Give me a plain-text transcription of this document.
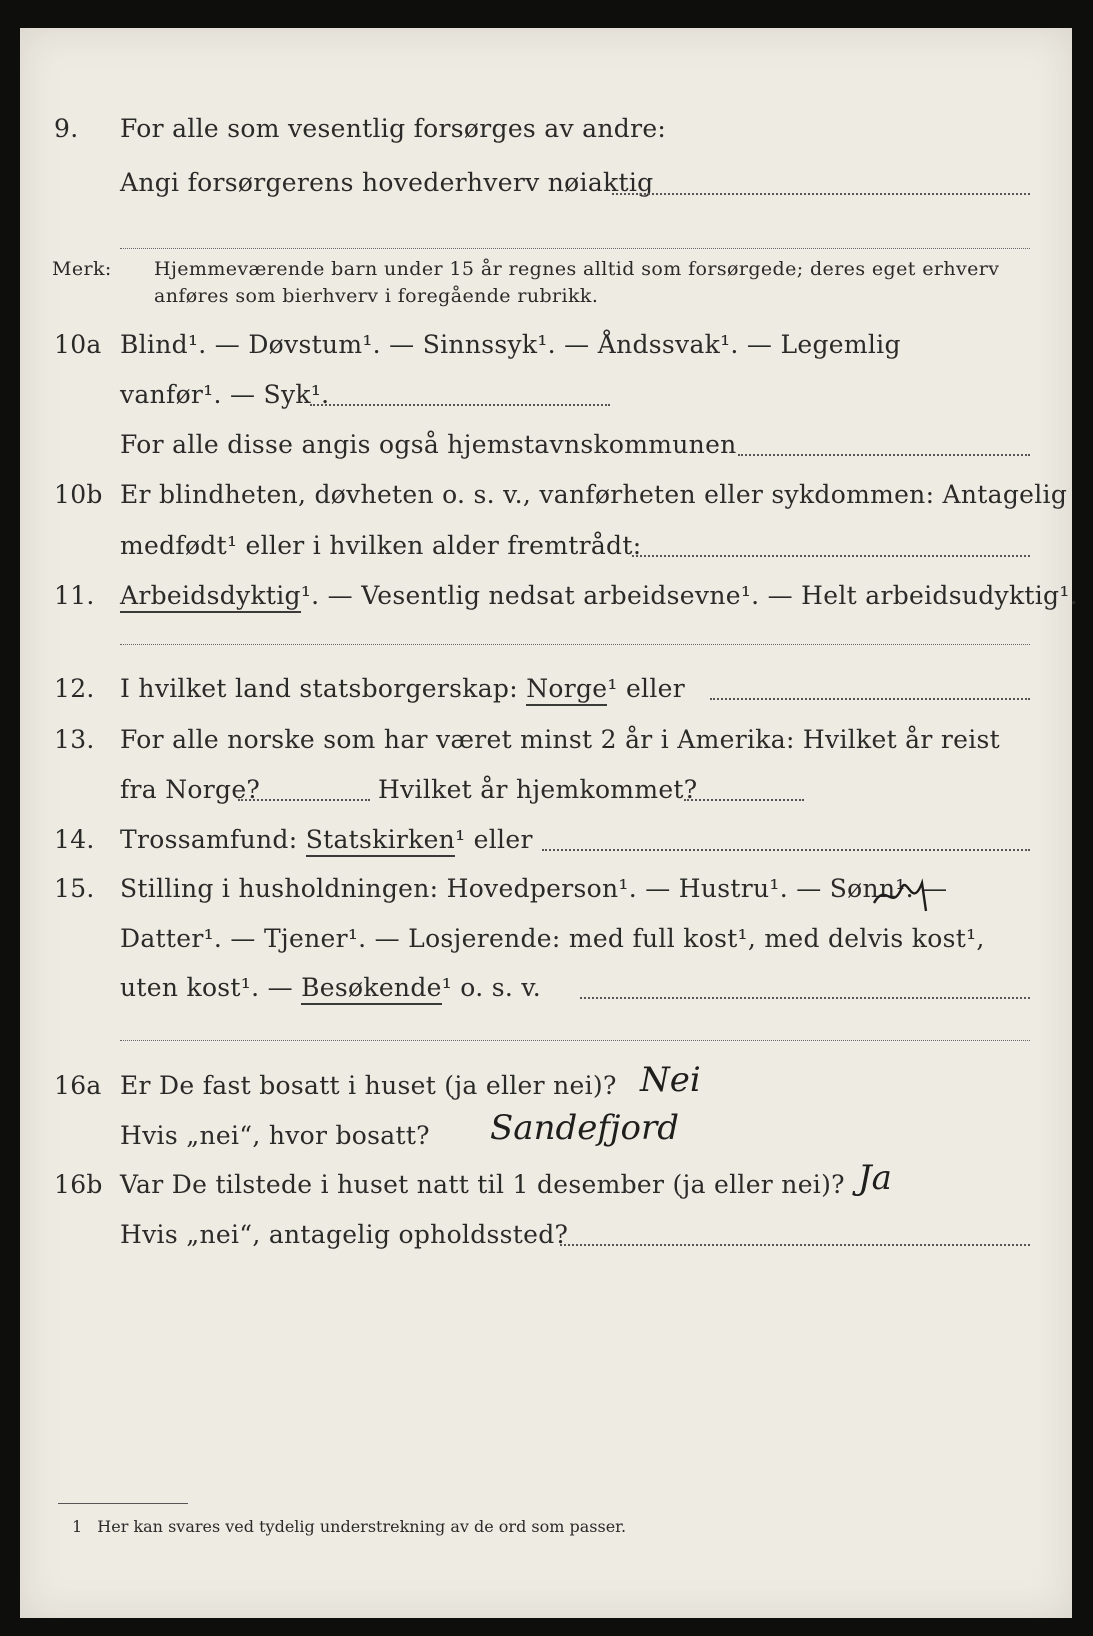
9. For alle som vesentlig forsørges av andre:
Angi forsørgerens hovederhverv nøiaktig
Merk: Hjemmeværende barn under 15 år regnes alltid som forsørgede; deres eget erhverv
anføres som bierhverv i foregående rubrikk.
10a Blind¹. — Døvstum¹. — Sinnssyk¹. — Åndssvak¹. — Legemlig
vanfør¹. — Syk¹.
For alle disse angis også hjemstavnskommunen
10b Er blindheten, døvheten o. s. v., vanførheten eller sykdommen: Antagelig
medfødt¹ eller i hvilken alder fremtrådt:
11. Arbeidsdyktig¹. — Vesentlig nedsat arbeidsevne¹. — Helt arbeidsudyktig¹.
12. I hvilket land statsborgerskap: Norge¹ eller
13. For alle norske som har været minst 2 år i Amerika: Hvilket år reist
fra Norge?	Hvilket år hjemkommet?
14. Trossamfund: Statskirken¹ eller
15. Stilling i husholdningen: Hovedperson¹. — Hustru¹. — Sønn¹. —
Datter¹. — Tjener¹. — Losjerende: med full kost¹, med delvis kost¹,
uten kost¹. — Besøkende¹ o. s. v.
16a Er De fast bosatt i huset (ja eller nei)? Nei
Hvis „nei“, hvor bosatt? Sandefjord
16b Var De tilstede i huset natt til 1 desember (ja eller nei)? Ja
Hvis „nei“, antagelig opholdssted?
1 Her kan svares ved tydelig understrekning av de ord som passer.
